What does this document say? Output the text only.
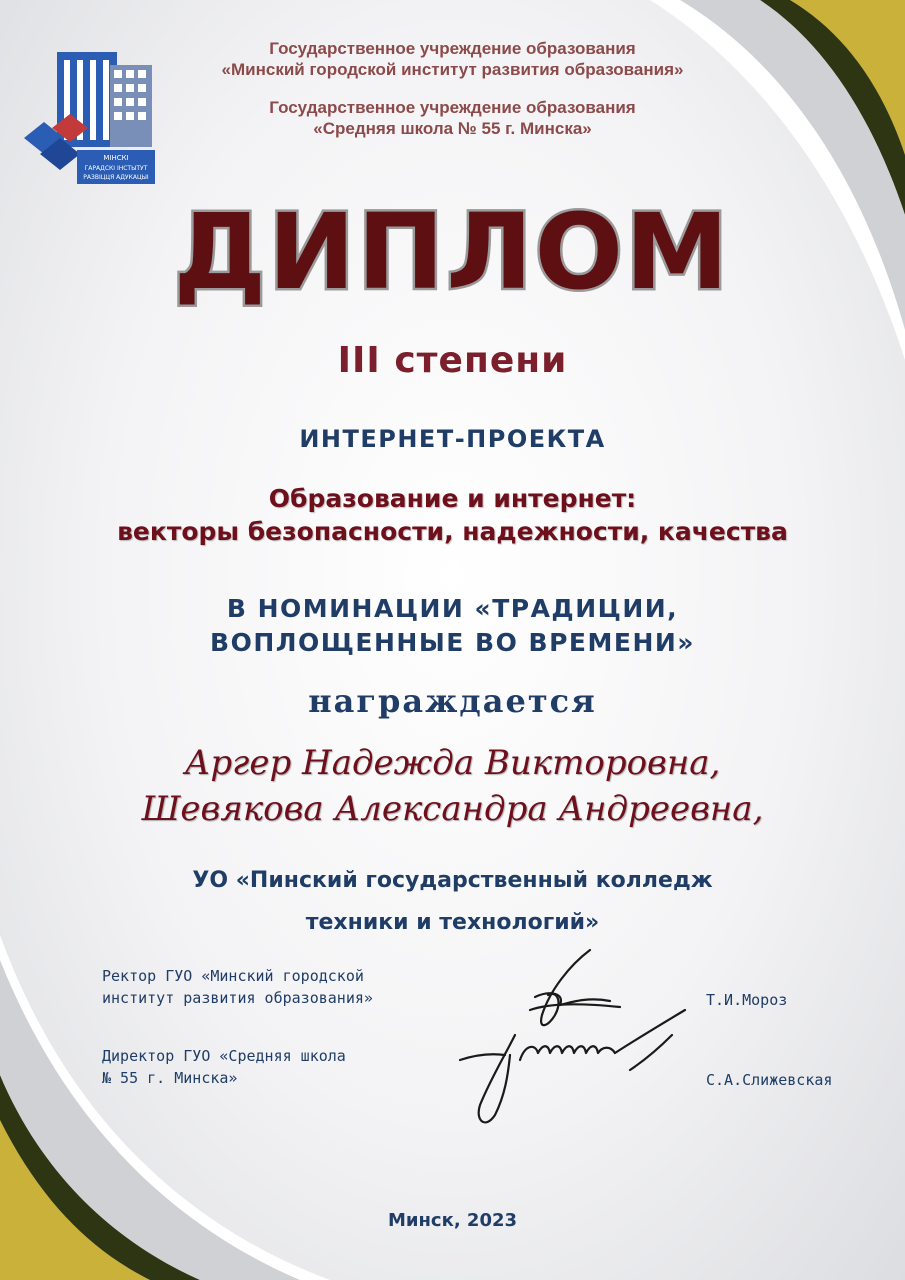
МІНСКІ
ГАРАДСКІ ІНСТЫТУТ
РАЗВІЦЦЯ АДУКАЦЫІ
Государственное учреждение образования
«Минский городской институт развития образования»
Государственное учреждение образования
«Средняя школа № 55 г. Минска»
ДИПЛОМ
III степени
ИНТЕРНЕТ-ПРОЕКТА
Образование и интернет:
векторы безопасности, надежности, качества
В НОМИНАЦИИ «ТРАДИЦИИ,
ВОПЛОЩЕННЫЕ ВО ВРЕМЕНИ»
награждается
Аргер Надежда Викторовна,
Шевякова Александра Андреевна,
УО «Пинский государственный колледж
техники и технологий»
Ректор ГУО «Минский городской
институт развития образования»	Т.И.Мороз
Директор ГУО «Средняя школа
№ 55 г. Минска»	С.А.Слижевская
Минск, 2023
